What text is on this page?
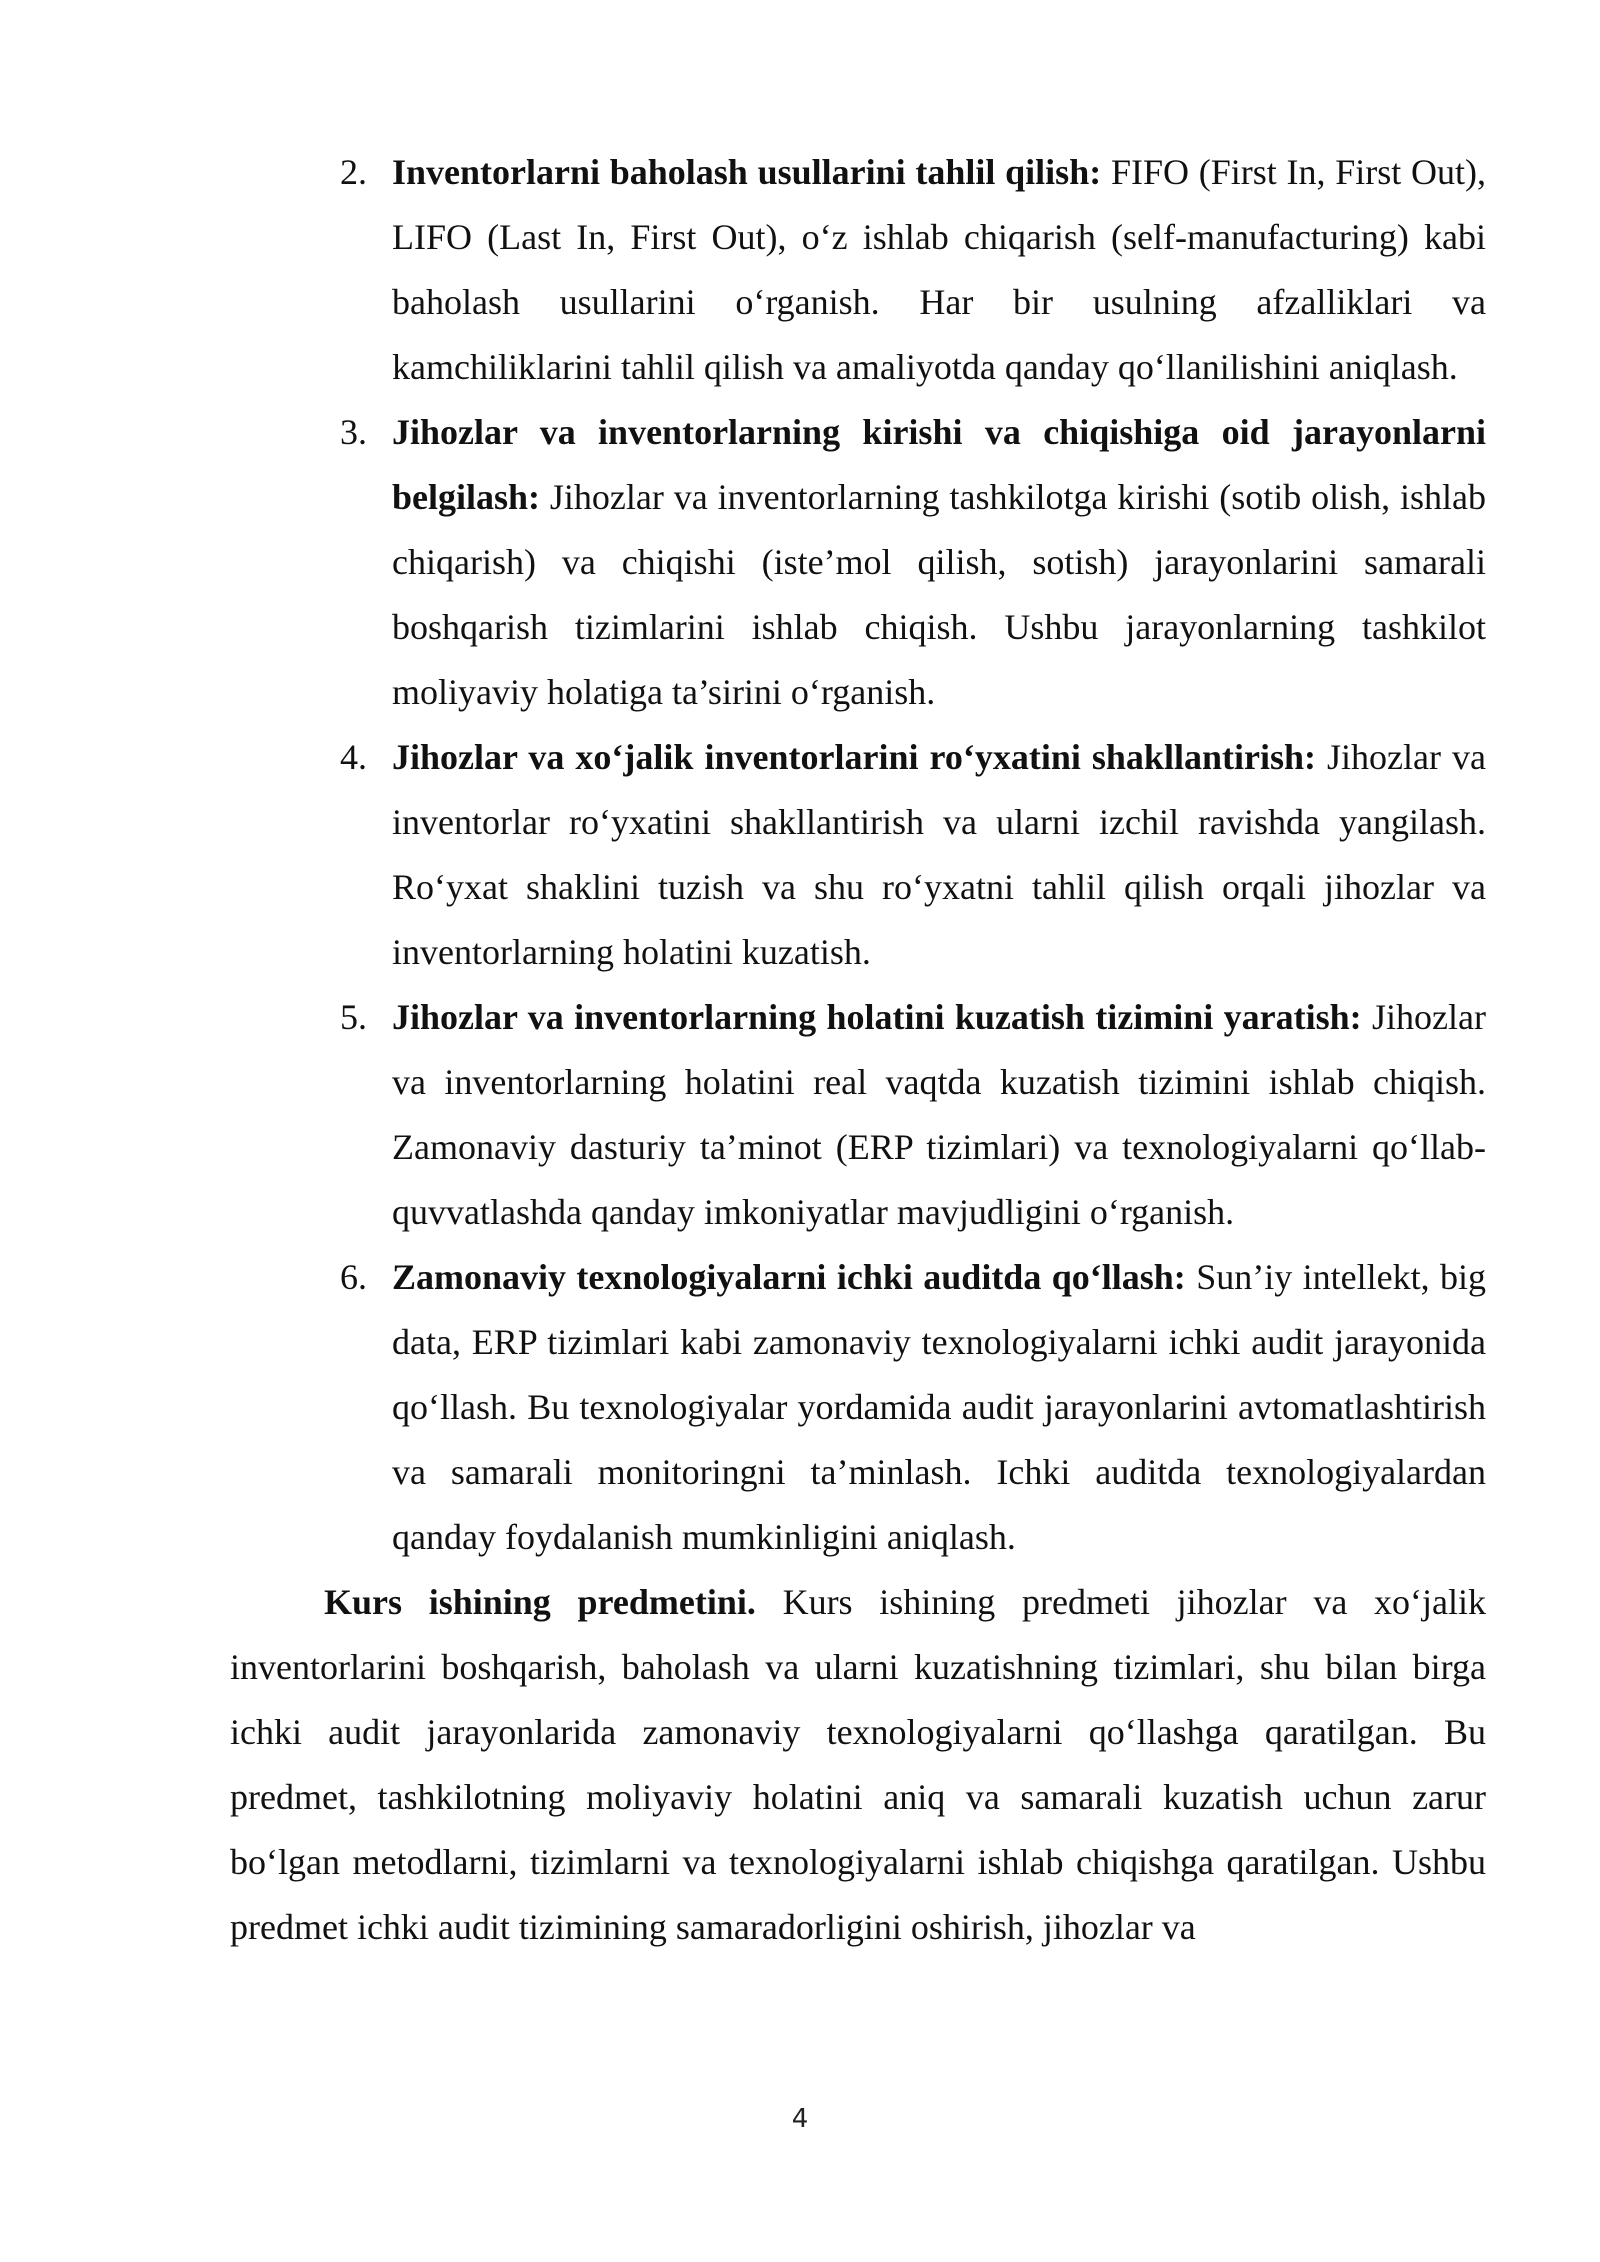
2. Inventorlarni baholash usullarini tahlil qilish: FIFO (First In, First Out), LIFO (Last In, First Out), o‘z ishlab chiqarish (self-manufacturing) kabi baholash usullarini o‘rganish. Har bir usulning afzalliklari va kamchiliklarini tahlil qilish va amaliyotda qanday qo‘llanilishini aniqlash.
3. Jihozlar va inventorlarning kirishi va chiqishiga oid jarayonlarni belgilash: Jihozlar va inventorlarning tashkilotga kirishi (sotib olish, ishlab chiqarish) va chiqishi (iste’mol qilish, sotish) jarayonlarini samarali boshqarish tizimlarini ishlab chiqish. Ushbu jarayonlarning tashkilot moliyaviy holatiga ta’sirini o‘rganish.
4. Jihozlar va xo‘jalik inventorlarini ro‘yxatini shakllantirish: Jihozlar va inventorlar ro‘yxatini shakllantirish va ularni izchil ravishda yangilash. Ro‘yxat shaklini tuzish va shu ro‘yxatni tahlil qilish orqali jihozlar va inventorlarning holatini kuzatish.
5. Jihozlar va inventorlarning holatini kuzatish tizimini yaratish: Jihozlar va inventorlarning holatini real vaqtda kuzatish tizimini ishlab chiqish. Zamonaviy dasturiy ta’minot (ERP tizimlari) va texnologiyalarni qo‘llab-quvvatlashda qanday imkoniyatlar mavjudligini o‘rganish.
6. Zamonaviy texnologiyalarni ichki auditda qo‘llash: Sun’iy intellekt, big data, ERP tizimlari kabi zamonaviy texnologiyalarni ichki audit jarayonida qo‘llash. Bu texnologiyalar yordamida audit jarayonlarini avtomatlashtirish va samarali monitoringni ta’minlash. Ichki auditda texnologiyalardan qanday foydalanish mumkinligini aniqlash.

Kurs ishining predmetini. Kurs ishining predmeti jihozlar va xo‘jalik inventorlarini boshqarish, baholash va ularni kuzatishning tizimlari, shu bilan birga ichki audit jarayonlarida zamonaviy texnologiyalarni qo‘llashga qaratilgan. Bu predmet, tashkilotning moliyaviy holatini aniq va samarali kuzatish uchun zarur bo‘lgan metodlarni, tizimlarni va texnologiyalarni ishlab chiqishga qaratilgan. Ushbu predmet ichki audit tizimining samaradorligini oshirish, jihozlar va

4
